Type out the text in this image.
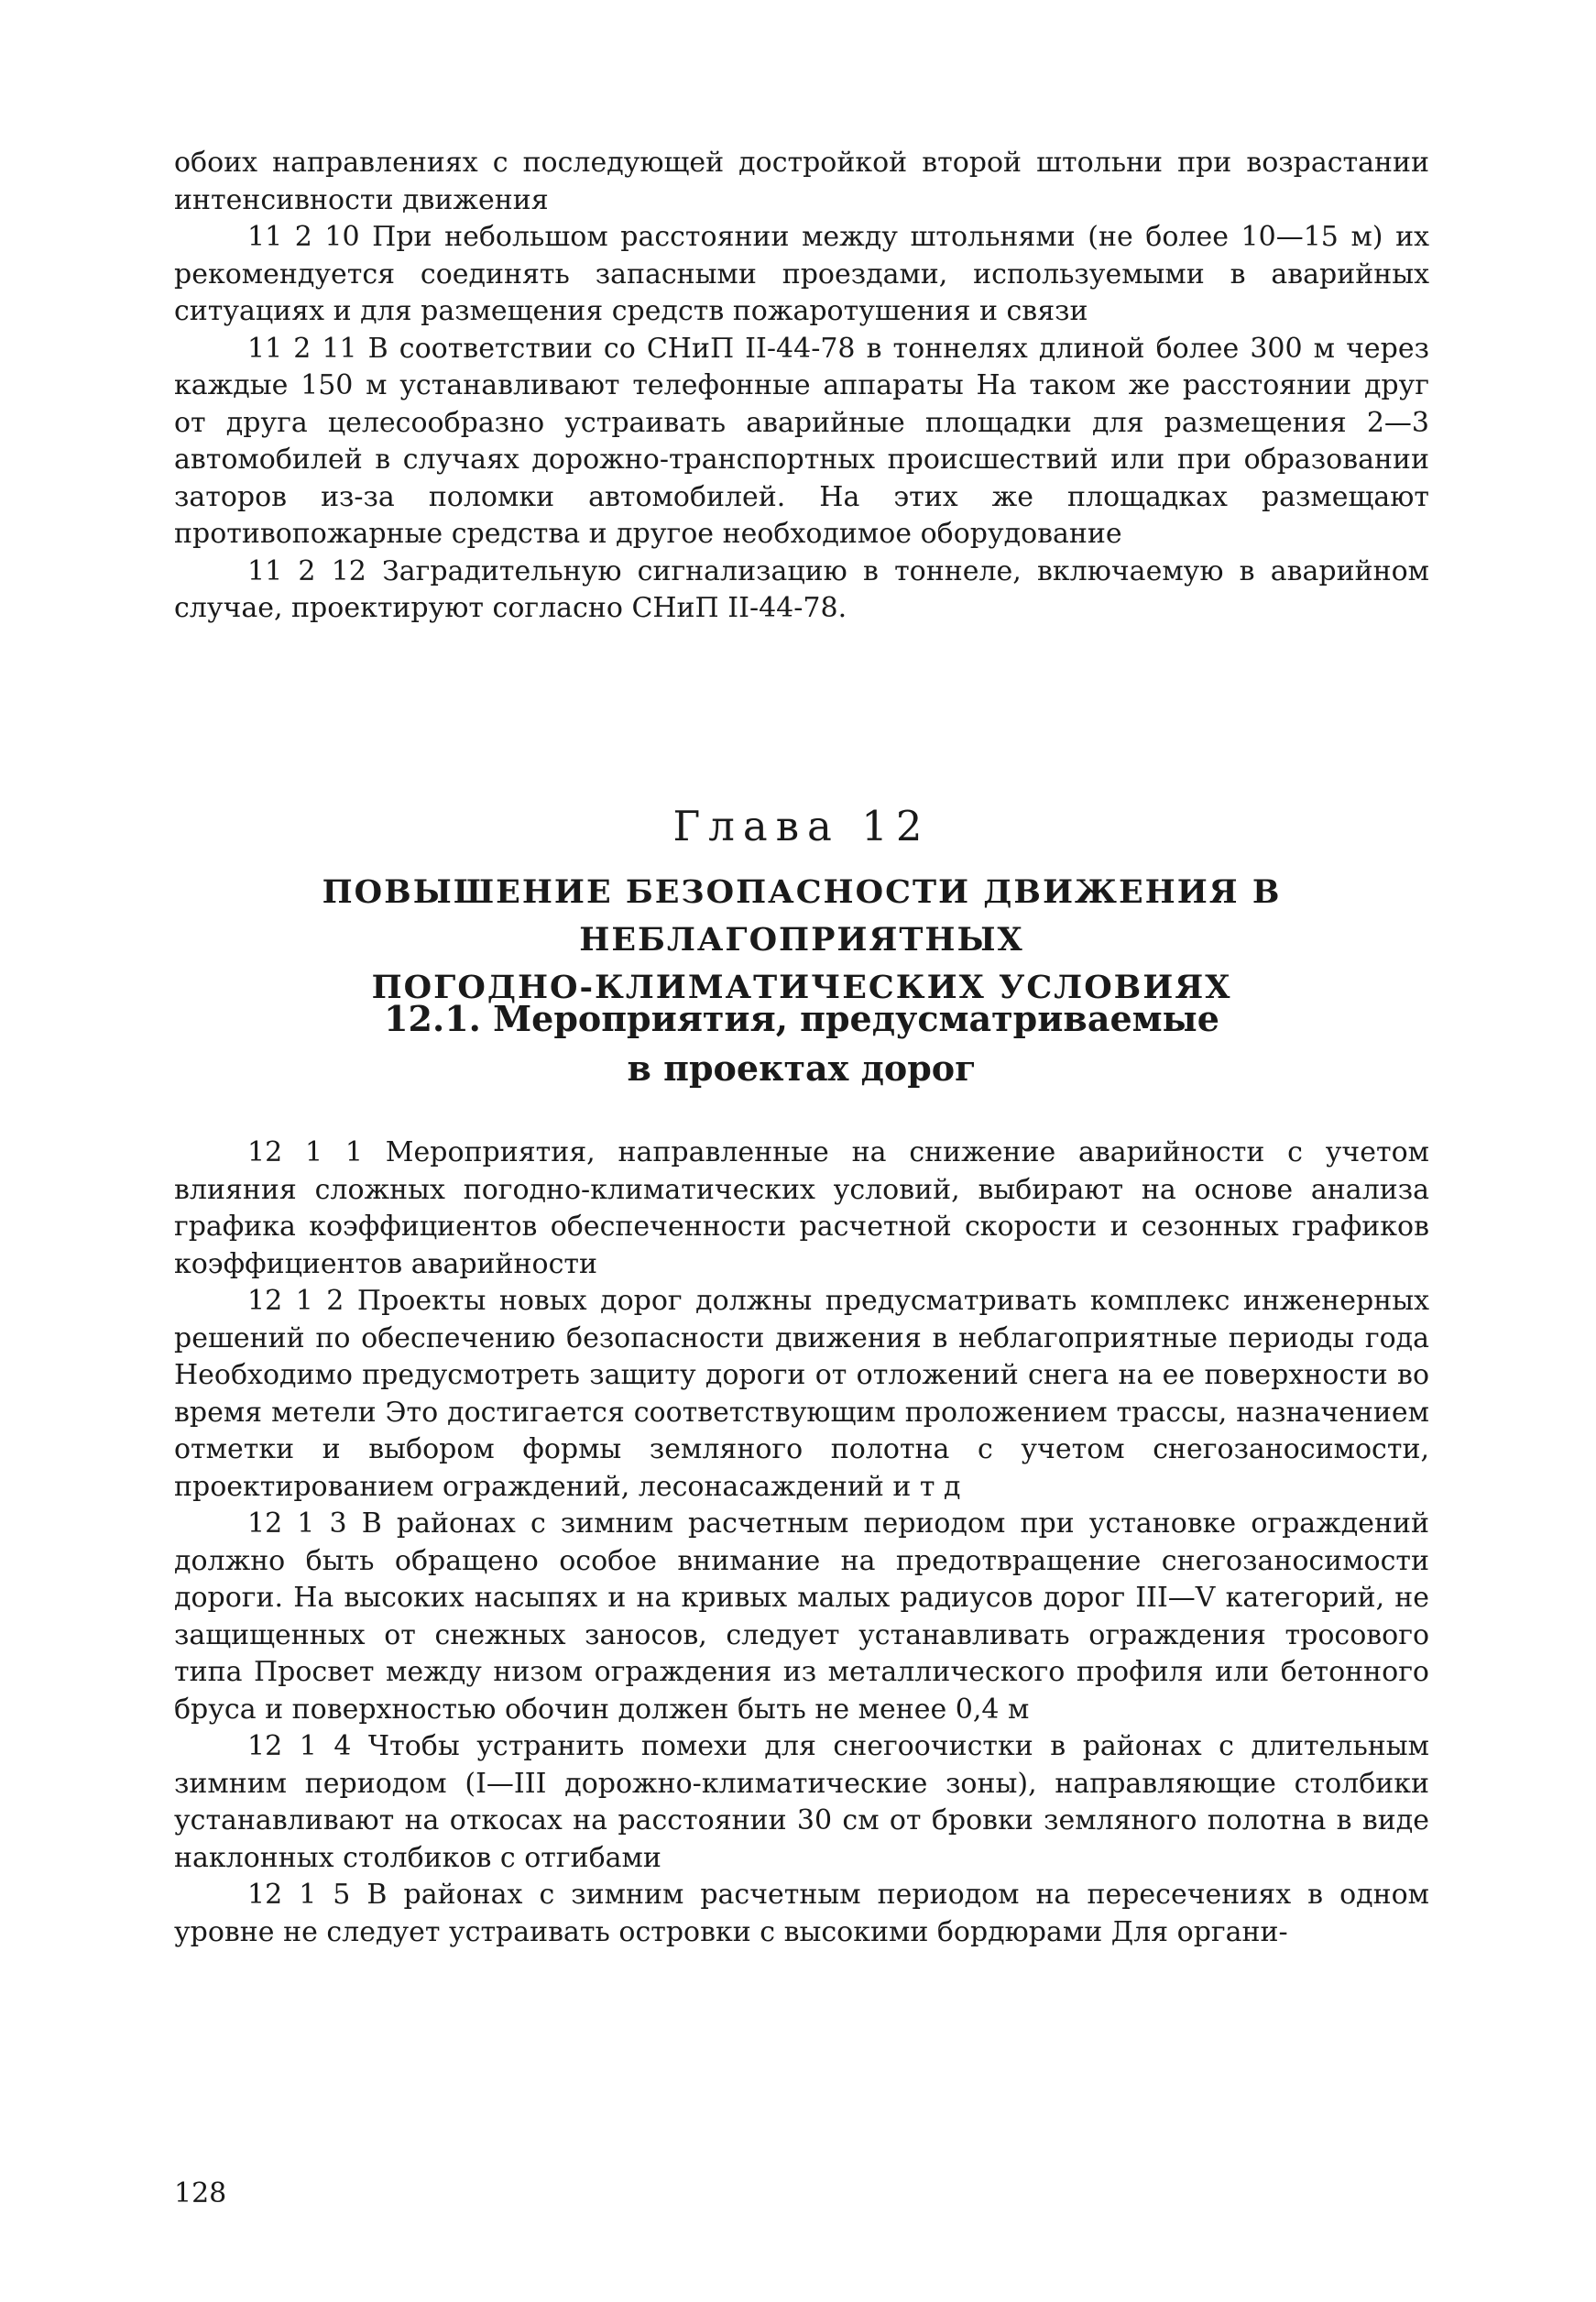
обоих направлениях с последующей достройкой второй штольни при возрастании интенсивности движения

11 2 10 При небольшом расстоянии между штольнями (не более 10—15 м) их рекомендуется соединять запасными проездами, используемыми в аварийных ситуациях и для размещения средств пожаротушения и связи

11 2 11 В соответствии со СНиП II-44-78 в тоннелях длиной более 300 м через каждые 150 м устанавливают телефонные аппараты На таком же расстоянии друг от друга целесообразно устраивать аварийные площадки для размещения 2—3 автомобилей в случаях дорожно-транспортных происшествий или при образовании заторов из-за поломки автомобилей. На этих же площадках размещают противопожарные средства и другое необходимое оборудование

11 2 12 Заградительную сигнализацию в тоннеле, включаемую в аварийном случае, проектируют согласно СНиП II-44-78.

Глава 12
ПОВЫШЕНИЕ БЕЗОПАСНОСТИ ДВИЖЕНИЯ В НЕБЛАГОПРИЯТНЫХ
ПОГОДНО-КЛИМАТИЧЕСКИХ УСЛОВИЯХ
12.1. Мероприятия, предусматриваемые
в проектах дорог

12 1 1 Мероприятия, направленные на снижение аварийности с учетом влияния сложных погодно-климатических условий, выбирают на основе анализа графика коэффициентов обеспеченности расчетной скорости и сезонных графиков коэффициентов аварийности

12 1 2 Проекты новых дорог должны предусматривать комплекс инженерных решений по обеспечению безопасности движения в неблагоприятные периоды года Необходимо предусмотреть защиту дороги от отложений снега на ее поверхности во время метели Это достигается соответствующим проложением трассы, назначением отметки и выбором формы земляного полотна с учетом снегозаносимости, проектированием ограждений, лесонасаждений и т д

12 1 3 В районах с зимним расчетным периодом при установке ограждений должно быть обращено особое внимание на предотвращение снегозаносимости дороги. На высоких насыпях и на кривых малых радиусов дорог III—V категорий, не защищенных от снежных заносов, следует устанавливать ограждения тросового типа Просвет между низом ограждения из металлического профиля или бетонного бруса и поверхностью обочин должен быть не менее 0,4 м

12 1 4 Чтобы устранить помехи для снегоочистки в районах с длительным зимним периодом (I—III дорожно-климатические зоны), направляющие столбики устанавливают на откосах на расстоянии 30 см от бровки земляного полотна в виде наклонных столбиков с отгибами

12 1 5 В районах с зимним расчетным периодом на пересечениях в одном уровне не следует устраивать островки с высокими бордюрами Для органи-

128
